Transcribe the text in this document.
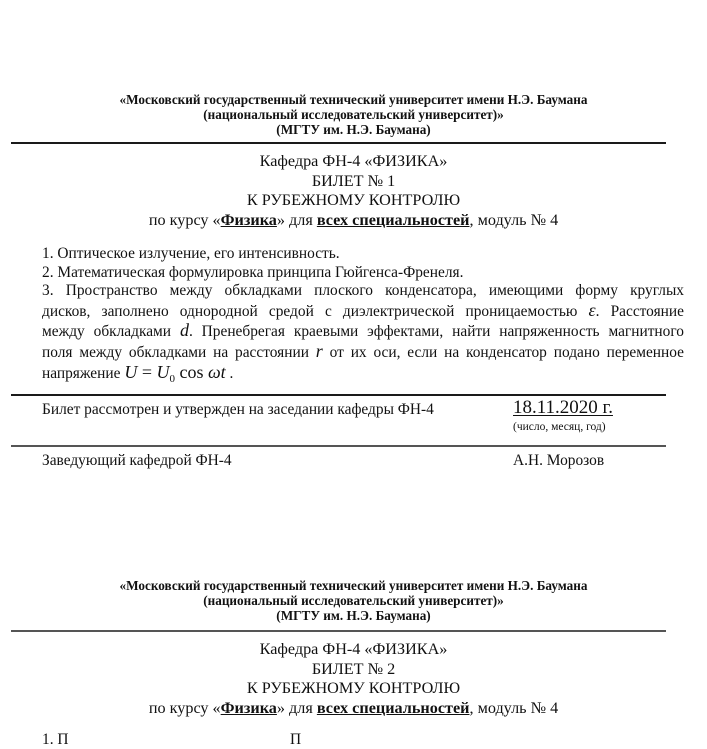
«Московский государственный технический университет имени Н.Э. Баумана
(национальный исследовательский университет)»
(МГТУ им. Н.Э. Баумана)
Кафедра ФН-4 «ФИЗИКА»
БИЛЕТ № 1
К РУБЕЖНОМУ КОНТРОЛЮ
по курсу «Физика» для всех специальностей, модуль № 4
1. Оптическое излучение, его интенсивность.
2. Математическая формулировка принципа Гюйгенса-Френеля.
3. Пространство между обкладками плоского конденсатора, имеющими форму круглых
дисков, заполнено однородной средой с диэлектрической проницаемостью ε. Расстояние
между обкладками d. Пренебрегая краевыми эффектами, найти напряженность магнитного
поля между обкладками на расстоянии r от их оси, если на конденсатор подано переменное
напряжение $U = U_0$ cos ωt .
Билет рассмотрен и утвержден на заседании кафедры ФН-4	18.11.2020 г.
(число, месяц, год)
Заведующий кафедрой ФН-4	А.Н. Морозов
«Московский государственный технический университет имени Н.Э. Баумана
(национальный исследовательский университет)»
(МГТУ им. Н.Э. Баумана)
Кафедра ФН-4 «ФИЗИКА»
БИЛЕТ № 2
К РУБЕЖНОМУ КОНТРОЛЮ
по курсу «Физика» для всех специальностей, модуль № 4
1. П	П
